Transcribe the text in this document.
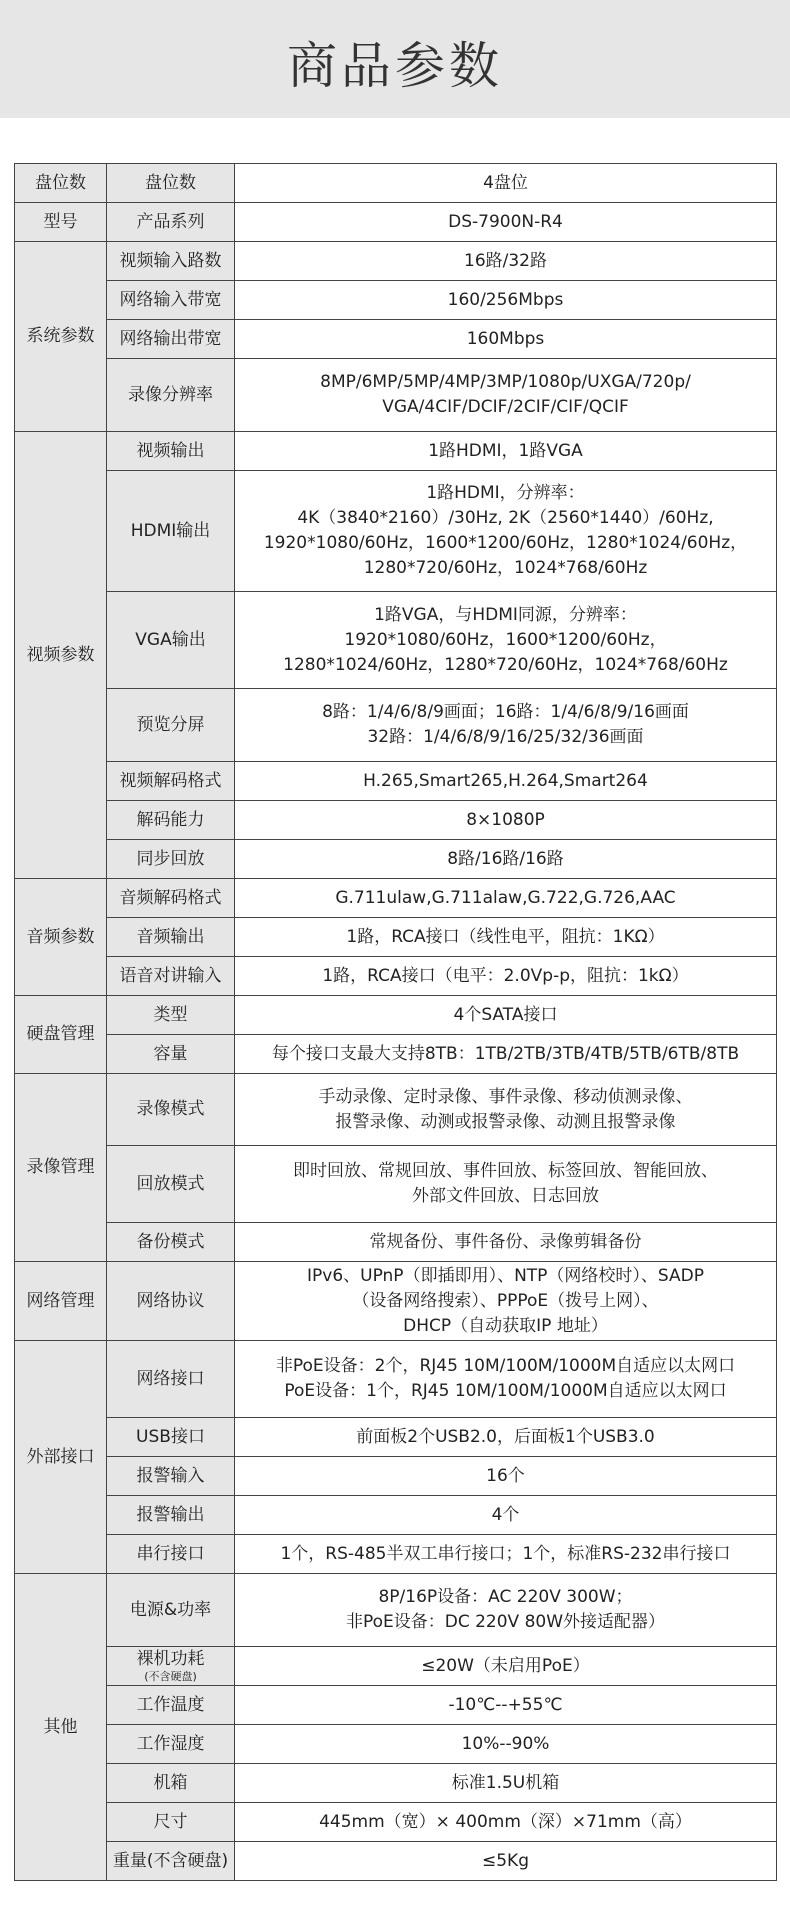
商品参数
盘位数	盘位数	4盘位

型号	产品系列	DS-7900N-R4

系统参数	视频输入路数	16路/32路

	网络输入带宽	160/256Mbps

	网络输出带宽	160Mbps

	录像分辨率	8MP/6MP/5MP/4MP/3MP/1080p/UXGA/720p/
VGA/4CIF/DCIF/2CIF/CIF/QCIF

视频参数	视频输出	1路HDMI，1路VGA

	HDMI输出	1路HDMI，分辨率：
4K（3840*2160）/30Hz, 2K（2560*1440）/60Hz,
1920*1080/60Hz，1600*1200/60Hz，1280*1024/60Hz，
1280*720/60Hz，1024*768/60Hz

	VGA输出	1路VGA，与HDMI同源，分辨率：
1920*1080/60Hz，1600*1200/60Hz，
1280*1024/60Hz，1280*720/60Hz，1024*768/60Hz

	预览分屏	8路：1/4/6/8/9画面；16路：1/4/6/8/9/16画面
32路：1/4/6/8/9/16/25/32/36画面

	视频解码格式	H.265,Smart265,H.264,Smart264

	解码能力	8×1080P

	同步回放	8路/16路/16路

音频参数	音频解码格式	G.711ulaw,G.711alaw,G.722,G.726,AAC

	音频输出	1路，RCA接口（线性电平，阻抗：1KΩ）

	语音对讲输入	1路，RCA接口（电平：2.0Vp-p，阻抗：1kΩ）

硬盘管理	类型	4个SATA接口

	容量	每个接口支最大支持8TB：1TB/2TB/3TB/4TB/5TB/6TB/8TB

录像管理	录像模式	手动录像、定时录像、事件录像、移动侦测录像、
报警录像、动测或报警录像、动测且报警录像

	回放模式	即时回放、常规回放、事件回放、标签回放、智能回放、
外部文件回放、日志回放

	备份模式	常规备份、事件备份、录像剪辑备份

网络管理	网络协议	IPv6、UPnP（即插即用）、NTP（网络校时）、SADP
（设备网络搜索）、PPPoE（拨号上网）、
DHCP（自动获取IP 地址）

外部接口	网络接口	非PoE设备：2个，RJ45 10M/100M/1000M自适应以太网口
PoE设备：1个，RJ45 10M/100M/1000M自适应以太网口

	USB接口	前面板2个USB2.0，后面板1个USB3.0

	报警输入	16个

	报警输出	4个

	串行接口	1个，RS-485半双工串行接口；1个，标准RS-232串行接口

其他	电源&功率	8P/16P设备：AC 220V 300W；
非PoE设备：DC 220V 80W外接适配器）

	裸机功耗
(不含硬盘)	≤20W（未启用PoE）

	工作温度	-10℃--+55℃

	工作湿度	10%--90%

	机箱	标准1.5U机箱

	尺寸	445mm（宽）× 400mm（深）×71mm（高）

	重量(不含硬盘)	≤5Kg
